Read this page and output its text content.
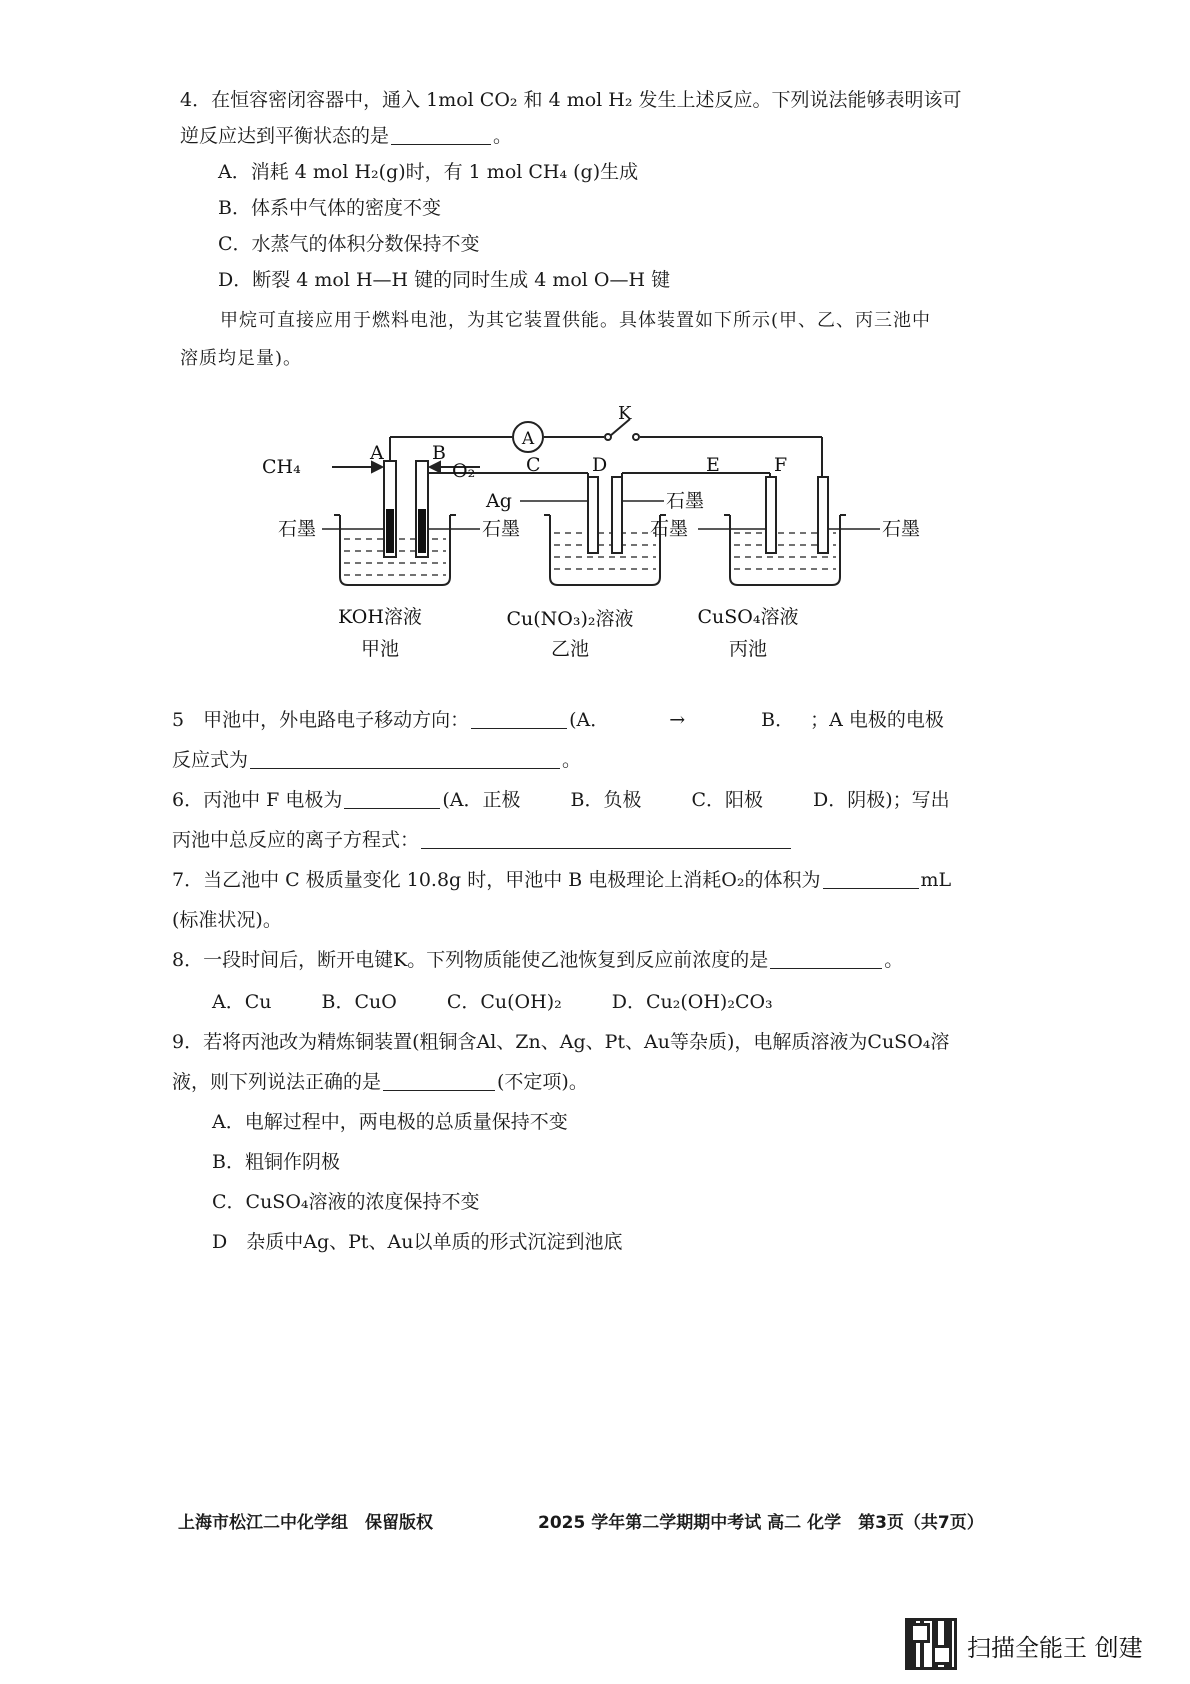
4．在恒容密闭容器中，通入 1mol CO₂ 和 4 mol H₂ 发生上述反应。下列说法能够表明该可
逆反应达到平衡状态的是	。
A．消耗 4 mol H₂(g)时，有 1 mol CH₄ (g)生成
B．体系中气体的密度不变
C．水蒸气的体积分数保持不变
D．断裂 4 mol H—H 键的同时生成 4 mol O—H 键
甲烷可直接应用于燃料电池，为其它装置供能。具体装置如下所示(甲、乙、丙三池中
溶质均足量)。
A
K
A	B
C	D	E	F
CH₄	O₂
Ag
石墨	石墨
石墨
石墨	石墨
KOH溶液
甲池
Cu(NO₃)₂溶液
乙池
CuSO₄溶液
丙池
5　甲池中，外电路电子移动方向：	(A．	→	B． ；A 电极的电极
反应式为	。
6．丙池中 F 电极为	(A．正极	B．负极	C．阳极	D．阴极)；写出
丙池中总反应的离子方程式：
7．当乙池中 C 极质量变化 10.8g 时，甲池中 B 电极理论上消耗O₂的体积为	mL
(标准状况)。
8．一段时间后，断开电键K。下列物质能使乙池恢复到反应前浓度的是	。
A．Cu	B．CuO	C．Cu(OH)₂	D．Cu₂(OH)₂CO₃
9．若将丙池改为精炼铜装置(粗铜含Al、Zn、Ag、Pt、Au等杂质)，电解质溶液为CuSO₄溶
液，则下列说法正确的是	(不定项)。
A．电解过程中，两电极的总质量保持不变
B．粗铜作阴极
C．CuSO₄溶液的浓度保持不变
D　杂质中Ag、Pt、Au以单质的形式沉淀到池底
上海市松江二中化学组　保留版权	2025 学年第二学期期中考试 高二 化学　第3页（共7页）
扫描全能王 创建
